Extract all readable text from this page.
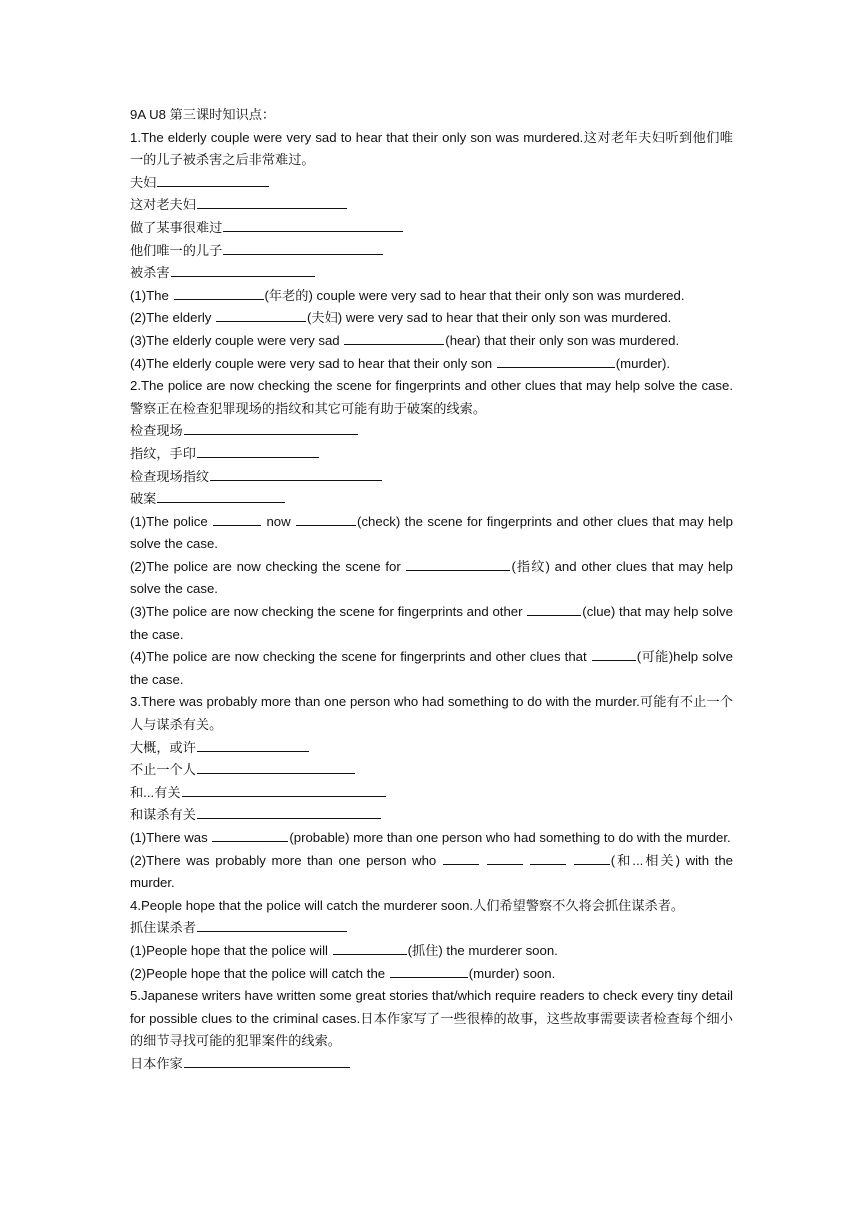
9A U8 第三课时知识点：
1.The elderly couple were very sad to hear that their only son was murdered.这对老年夫妇听到他们唯一的儿子被杀害之后非常难过。
夫妇
这对老夫妇
做了某事很难过
他们唯一的儿子
被杀害
(1)The	(年老的) couple were very sad to hear that their only son was murdered.
(2)The elderly	(夫妇) were very sad to hear that their only son was murdered.
(3)The elderly couple were very sad	(hear) that their only son was murdered.
(4)The elderly couple were very sad to hear that their only son	(murder).
2.The police are now checking the scene for fingerprints and other clues that may help solve the case.警察正在检查犯罪现场的指纹和其它可能有助于破案的线索。
检查现场
指纹，手印
检查现场指纹
破案
(1)The police	now	(check) the scene for fingerprints and other clues that may help solve the case.
(2)The police are now checking the scene for	(指纹) and other clues that may help solve the case.
(3)The police are now checking the scene for fingerprints and other	(clue) that may help solve the case.
(4)The police are now checking the scene for fingerprints and other clues that	(可能)help solve the case.
3.There was probably more than one person who had something to do with the murder.可能有不止一个人与谋杀有关。
大概，或许
不止一个人
和...有关
和谋杀有关
(1)There was	(probable) more than one person who had something to do with the murder.
(2)There was probably more than one person who	(和...相关) with the murder.
4.People hope that the police will catch the murderer soon.人们希望警察不久将会抓住谋杀者。
抓住谋杀者
(1)People hope that the police will	(抓住) the murderer soon.
(2)People hope that the police will catch the	(murder) soon.
5.Japanese writers have written some great stories that/which require readers to check every tiny detail for possible clues to the criminal cases.日本作家写了一些很棒的故事，这些故事需要读者检查每个细小的细节寻找可能的犯罪案件的线索。
日本作家
